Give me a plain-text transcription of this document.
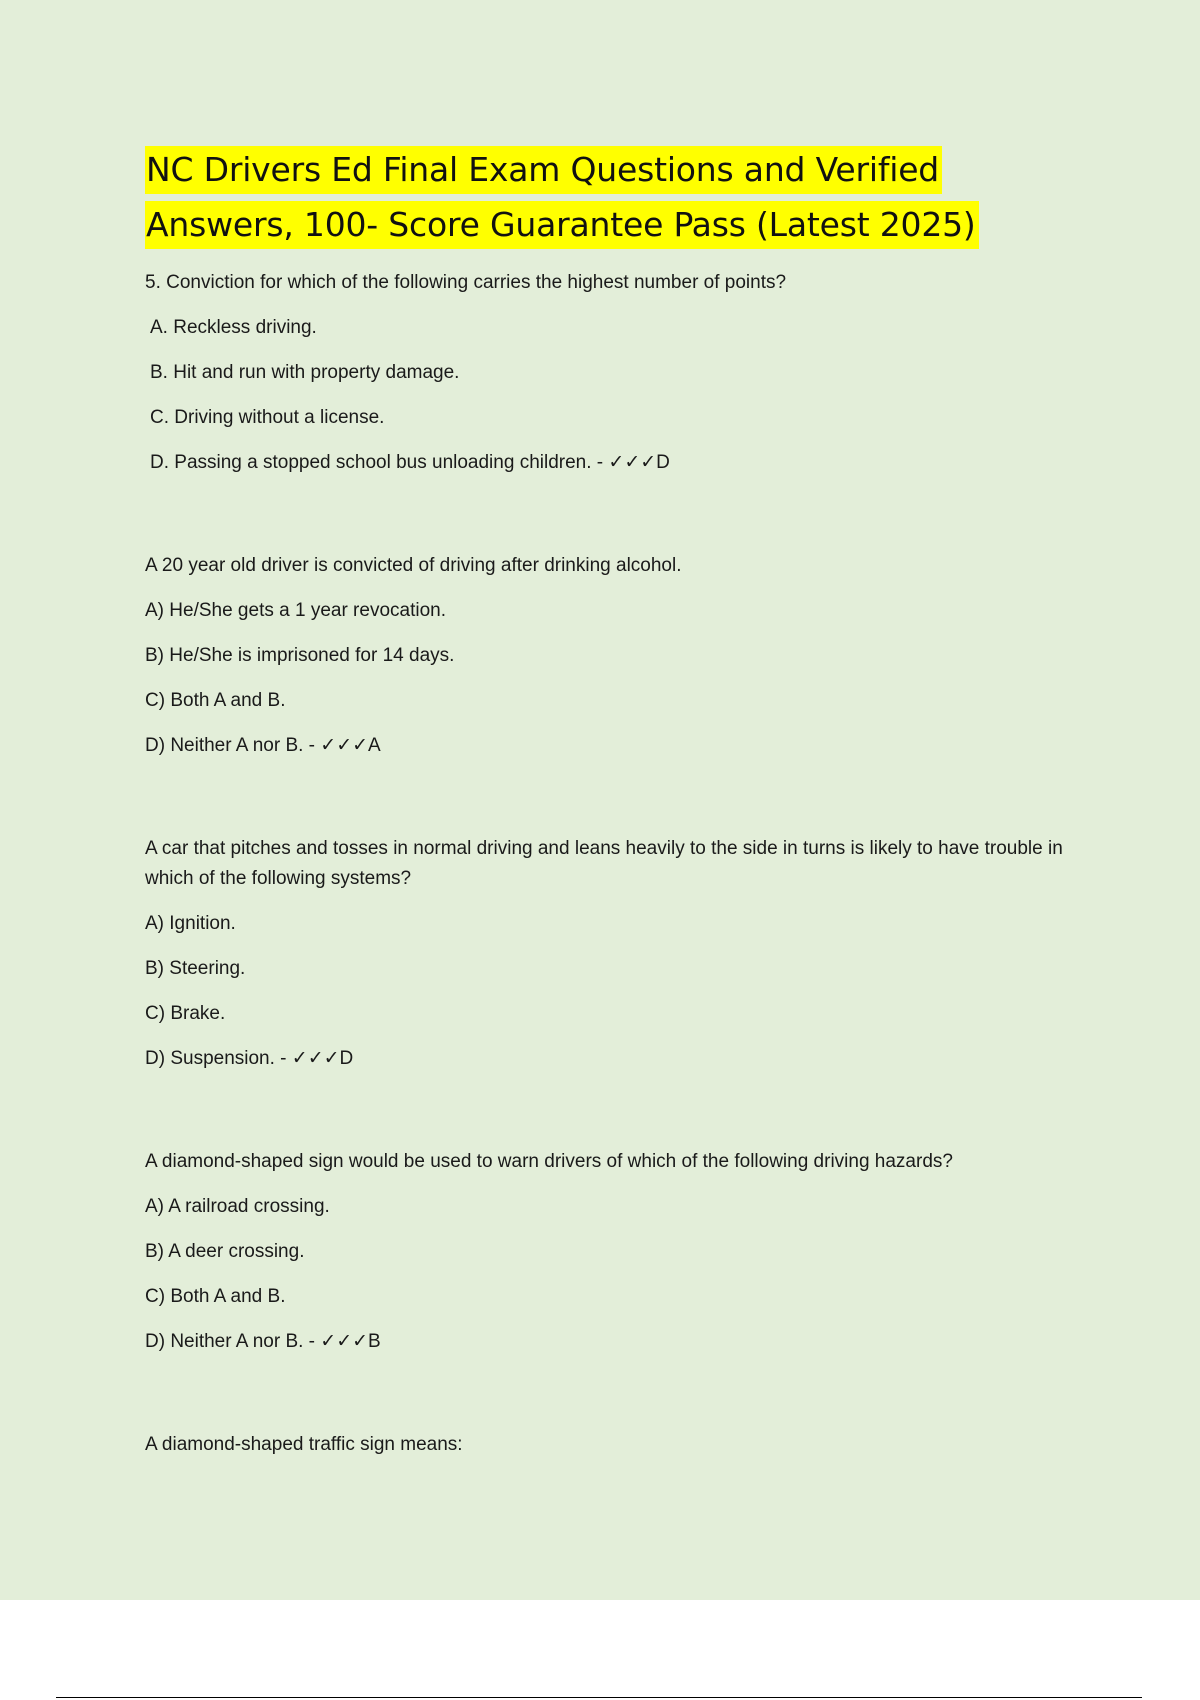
NC Drivers Ed Final Exam Questions and Verified
Answers, 100- Score Guarantee Pass (Latest 2025)

5. Conviction for which of the following carries the highest number of points?

A. Reckless driving.

B. Hit and run with property damage.

C. Driving without a license.

D. Passing a stopped school bus unloading children. - ✓✓✓D

A 20 year old driver is convicted of driving after drinking alcohol.

A) He/She gets a 1 year revocation.

B) He/She is imprisoned for 14 days.

C) Both A and B.

D) Neither A nor B. - ✓✓✓A

A car that pitches and tosses in normal driving and leans heavily to the side in turns is likely to have trouble in which of the following systems?

A) Ignition.

B) Steering.

C) Brake.

D) Suspension. - ✓✓✓D

A diamond-shaped sign would be used to warn drivers of which of the following driving hazards?

A) A railroad crossing.

B) A deer crossing.

C) Both A and B.

D) Neither A nor B. - ✓✓✓B

A diamond-shaped traffic sign means:
